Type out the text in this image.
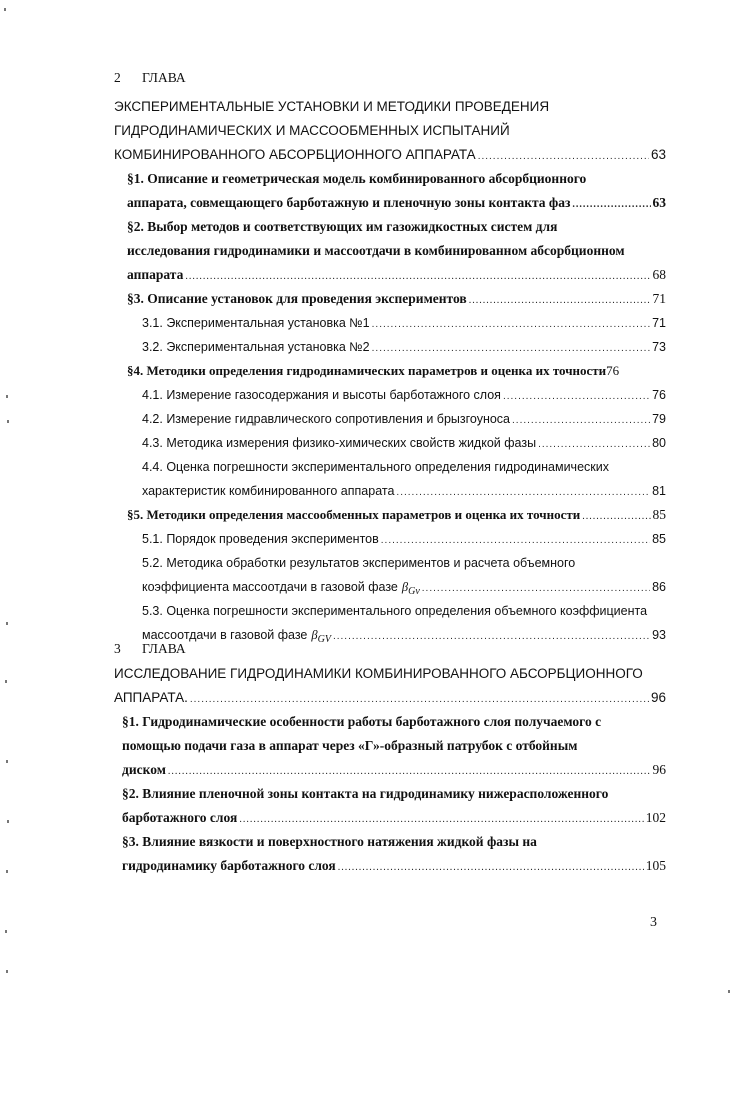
2	ГЛАВА
ЭКСПЕРИМЕНТАЛЬНЫЕ УСТАНОВКИ И МЕТОДИКИ ПРОВЕДЕНИЯ
ГИДРОДИНАМИЧЕСКИХ И МАССООБМЕННЫХ ИСПЫТАНИЙ
КОМБИНИРОВАННОГО АБСОРБЦИОННОГО АППАРАТА .....	63
§1. Описание и геометрическая модель комбинированного абсорбционного
аппарата, совмещающего барботажную и пленочную зоны контакта фаз .....	63
§2. Выбор методов и соответствующих им газожидкостных систем для
исследования гидродинамики и массоотдачи в комбинированном абсорбционном
аппарата .....	68
§3. Описание установок для проведения экспериментов .....	71
3.1. Экспериментальная установка №1 .....	71
3.2. Экспериментальная установка №2 .....	73
§4. Методики определения гидродинамических параметров и оценка их точности 76
4.1. Измерение газосодержания и высоты барботажного слоя .....	76
4.2. Измерение гидравлического сопротивления и брызгоуноса .....	79
4.3. Методика измерения физико-химических свойств жидкой фазы .....	80
4.4. Оценка погрешности экспериментального определения гидродинамических
характеристик комбинированного аппарата .....	81
§5. Методики определения массообменных параметров и оценка их точности .....	85
5.1. Порядок проведения экспериментов .....	85
5.2. Методика обработки результатов экспериментов и расчета объемного
коэффициента массоотдачи в газовой фазе $\beta_{Gv}$ .....	86
5.3. Оценка погрешности экспериментального определения объемного коэффициента
массоотдачи в газовой фазе $\beta_{GV}$ .....	93
3	ГЛАВА
ИССЛЕДОВАНИЕ ГИДРОДИНАМИКИ КОМБИНИРОВАННОГО АБСОРБЦИОННОГО
АППАРАТА. .....	96
§1. Гидродинамические особенности работы барботажного слоя получаемого с
помощью подачи газа в аппарат через «Г»-образный патрубок с отбойным
диском .....	96
§2. Влияние пленочной зоны контакта на гидродинамику нижерасположенного
барботажного слоя .....	102
§3. Влияние вязкости и поверхностного натяжения жидкой фазы на
гидродинамику барботажного слоя .....	105
3
